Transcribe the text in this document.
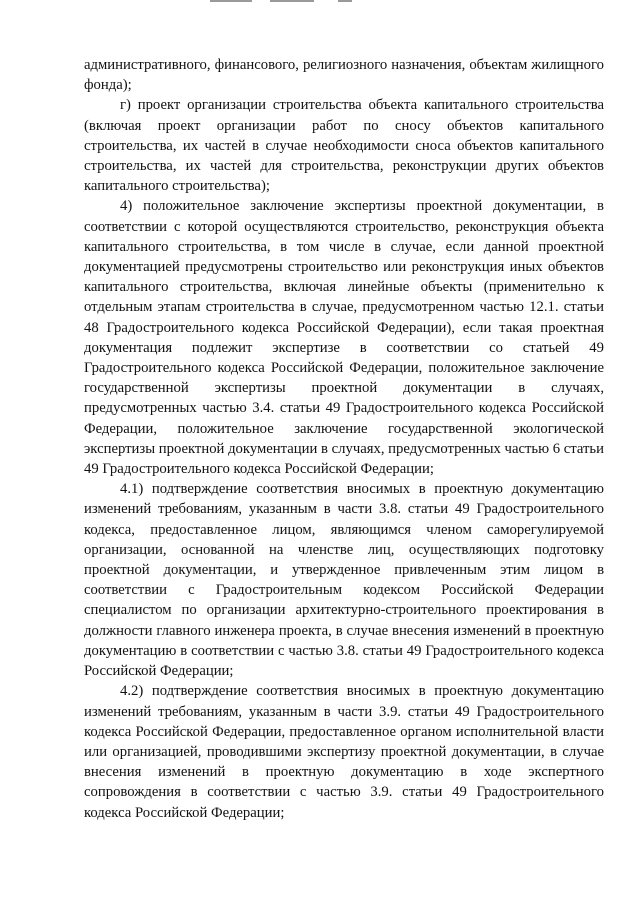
административного, финансового, религиозного назначения, объектам жилищного фонда);

г) проект организации строительства объекта капитального строительства (включая проект организации работ по сносу объектов капитального строительства, их частей в случае необходимости сноса объектов капитального строительства, их частей для строительства, реконструкции других объектов капитального строительства);

4) положительное заключение экспертизы проектной документации, в соответствии с которой осуществляются строительство, реконструкция объекта капитального строительства, в том числе в случае, если данной проектной документацией предусмотрены строительство или реконструкция иных объектов капитального строительства, включая линейные объекты (применительно к отдельным этапам строительства в случае, предусмотренном частью 12.1. статьи 48 Градостроительного кодекса Российской Федерации), если такая проектная документация подлежит экспертизе в соответствии со статьей 49 Градостроительного кодекса Российской Федерации, положительное заключение государственной экспертизы проектной документации в случаях, предусмотренных частью 3.4. статьи 49 Градостроительного кодекса Российской Федерации, положительное заключение государственной экологической экспертизы проектной документации в случаях, предусмотренных частью 6 статьи 49 Градостроительного кодекса Российской Федерации;

4.1) подтверждение соответствия вносимых в проектную документацию изменений требованиям, указанным в части 3.8. статьи 49 Градостроительного кодекса, предоставленное лицом, являющимся членом саморегулируемой организации, основанной на членстве лиц, осуществляющих подготовку проектной документации, и утвержденное привлеченным этим лицом в соответствии с Градостроительным кодексом Российской Федерации специалистом по организации архитектурно-строительного проектирования в должности главного инженера проекта, в случае внесения изменений в проектную документацию в соответствии с частью 3.8. статьи 49 Градостроительного кодекса Российской Федерации;

4.2) подтверждение соответствия вносимых в проектную документацию изменений требованиям, указанным в части 3.9. статьи 49 Градостроительного кодекса Российской Федерации, предоставленное органом исполнительной власти или организацией, проводившими экспертизу проектной документации, в случае внесения изменений в проектную документацию в ходе экспертного сопровождения в соответствии с частью 3.9. статьи 49 Градостроительного кодекса Российской Федерации;
